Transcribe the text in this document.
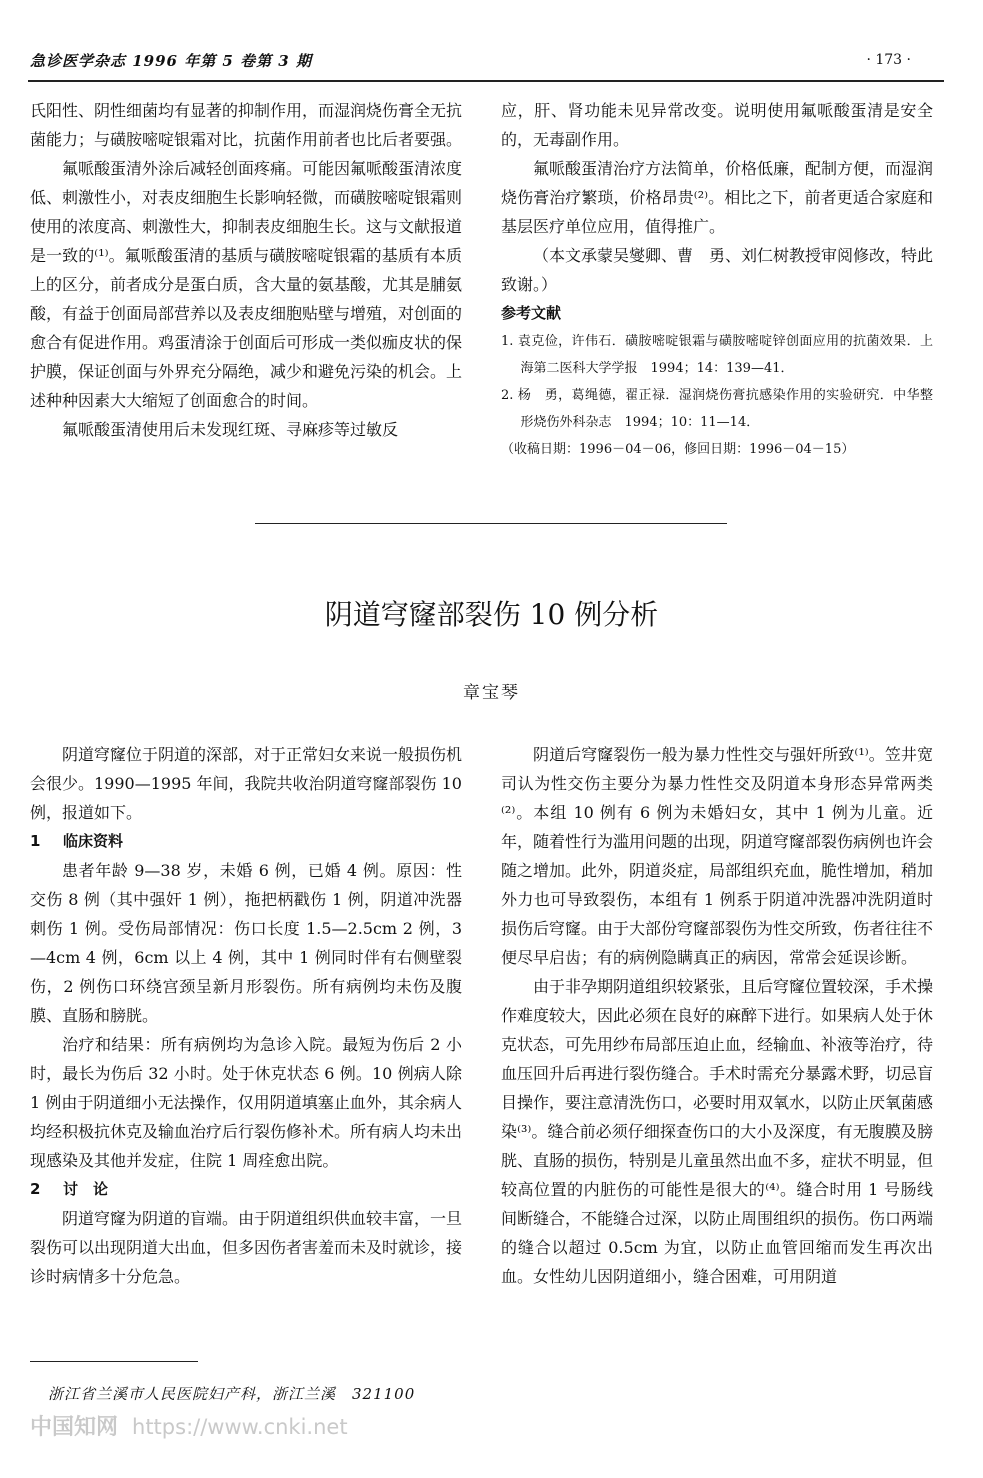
急诊医学杂志 1996 年第 5 卷第 3 期	· 173 ·

氏阳性、阴性细菌均有显著的抑制作用，而湿润烧伤膏全无抗菌能力；与磺胺嘧啶银霜对比，抗菌作用前者也比后者要强。

氟哌酸蛋清外涂后减轻创面疼痛。可能因氟哌酸蛋清浓度低、刺激性小，对表皮细胞生长影响轻微，而磺胺嘧啶银霜则使用的浓度高、刺激性大，抑制表皮细胞生长。这与文献报道是一致的⁽¹⁾。氟哌酸蛋清的基质与磺胺嘧啶银霜的基质有本质上的区分，前者成分是蛋白质，含大量的氨基酸，尤其是脯氨酸，有益于创面局部营养以及表皮细胞贴壁与增殖，对创面的愈合有促进作用。鸡蛋清涂于创面后可形成一类似痂皮状的保护膜，保证创面与外界充分隔绝，减少和避免污染的机会。上述种种因素大大缩短了创面愈合的时间。

氟哌酸蛋清使用后未发现红斑、寻麻疹等过敏反

应，肝、肾功能未见异常改变。说明使用氟哌酸蛋清是安全的，无毒副作用。

氟哌酸蛋清治疗方法简单，价格低廉，配制方便，而湿润烧伤膏治疗繁琐，价格昂贵⁽²⁾。相比之下，前者更适合家庭和基层医疗单位应用，值得推广。

（本文承蒙吴燮卿、曹　勇、刘仁树教授审阅修改，特此致谢。）

参考文献

1. 袁克俭，许伟石．磺胺嘧啶银霜与磺胺嘧啶锌创面应用的抗菌效果．上海第二医科大学学报　1994；14：139—41．

2. 杨　勇，葛绳德，翟正禄．湿润烧伤膏抗感染作用的实验研究．中华整形烧伤外科杂志　1994；10：11—14．

（收稿日期：1996－04－06，修回日期：1996－04－15）

阴道穹窿部裂伤 10 例分析
章宝琴

阴道穹窿位于阴道的深部，对于正常妇女来说一般损伤机会很少。1990—1995 年间，我院共收治阴道穹窿部裂伤 10 例，报道如下。

1 临床资料

患者年龄 9—38 岁，未婚 6 例，已婚 4 例。原因：性交伤 8 例（其中强奸 1 例），拖把柄戳伤 1 例，阴道冲洗器刺伤 1 例。受伤局部情况：伤口长度 1.5—2.5cm 2 例，3—4cm 4 例，6cm 以上 4 例，其中 1 例同时伴有右侧壁裂伤，2 例伤口环绕宫颈呈新月形裂伤。所有病例均未伤及腹膜、直肠和膀胱。

治疗和结果：所有病例均为急诊入院。最短为伤后 2 小时，最长为伤后 32 小时。处于休克状态 6 例。10 例病人除 1 例由于阴道细小无法操作，仅用阴道填塞止血外，其余病人均经积极抗休克及输血治疗后行裂伤修补术。所有病人均未出现感染及其他并发症，住院 1 周痊愈出院。

2 讨　论

阴道穹窿为阴道的盲端。由于阴道组织供血较丰富，一旦裂伤可以出现阴道大出血，但多因伤者害羞而未及时就诊，接诊时病情多十分危急。

阴道后穹窿裂伤一般为暴力性性交与强奸所致⁽¹⁾。笠井宽司认为性交伤主要分为暴力性性交及阴道本身形态异常两类⁽²⁾。本组 10 例有 6 例为未婚妇女，其中 1 例为儿童。近年，随着性行为滥用问题的出现，阴道穹窿部裂伤病例也许会随之增加。此外，阴道炎症，局部组织充血，脆性增加，稍加外力也可导致裂伤，本组有 1 例系于阴道冲洗器冲洗阴道时损伤后穹窿。由于大部份穹窿部裂伤为性交所致，伤者往往不便尽早启齿；有的病例隐瞒真正的病因，常常会延误诊断。

由于非孕期阴道组织较紧张，且后穹窿位置较深，手术操作难度较大，因此必须在良好的麻醉下进行。如果病人处于休克状态，可先用纱布局部压迫止血，经输血、补液等治疗，待血压回升后再进行裂伤缝合。手术时需充分暴露术野，切忌盲目操作，要注意清洗伤口，必要时用双氧水，以防止厌氧菌感染⁽³⁾。缝合前必须仔细探查伤口的大小及深度，有无腹膜及膀胱、直肠的损伤，特别是儿童虽然出血不多，症状不明显，但较高位置的内脏伤的可能性是很大的⁽⁴⁾。缝合时用 1 号肠线间断缝合，不能缝合过深，以防止周围组织的损伤。伤口两端的缝合以超过 0.5cm 为宜，以防止血管回缩而发生再次出血。女性幼儿因阴道细小，缝合困难，可用阴道

浙江省兰溪市人民医院妇产科，浙江兰溪　321100
中国知网 https://www.cnki.net
